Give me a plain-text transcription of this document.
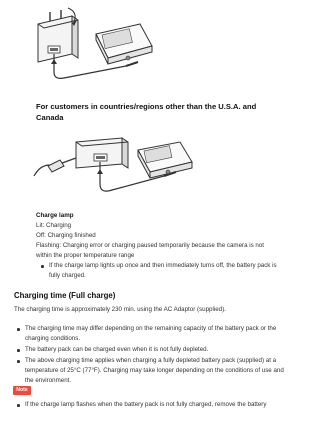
For customers in countries/regions other than the U.S.A. and Canada

Charge lamp

Lit: Charging

Off: Charging finished

Flashing: Charging error or charging paused temporarily because the camera is not

within the proper temperature range

If the charge lamp lights up once and then immediately turns off, the battery pack is fully charged.

Charging time (Full charge)

The charging time is approximately 230 min. using the AC Adaptor (supplied).

The charging time may differ depending on the remaining capacity of the battery pack or the charging conditions.
The battery pack can be charged even when it is not fully depleted.
The above charging time applies when charging a fully depleted battery pack (supplied) at a temperature of 25°C (77°F). Charging may take longer depending on the conditions of use and the environment.
Note
If the charge lamp flashes when the battery pack is not fully charged, remove the battery
